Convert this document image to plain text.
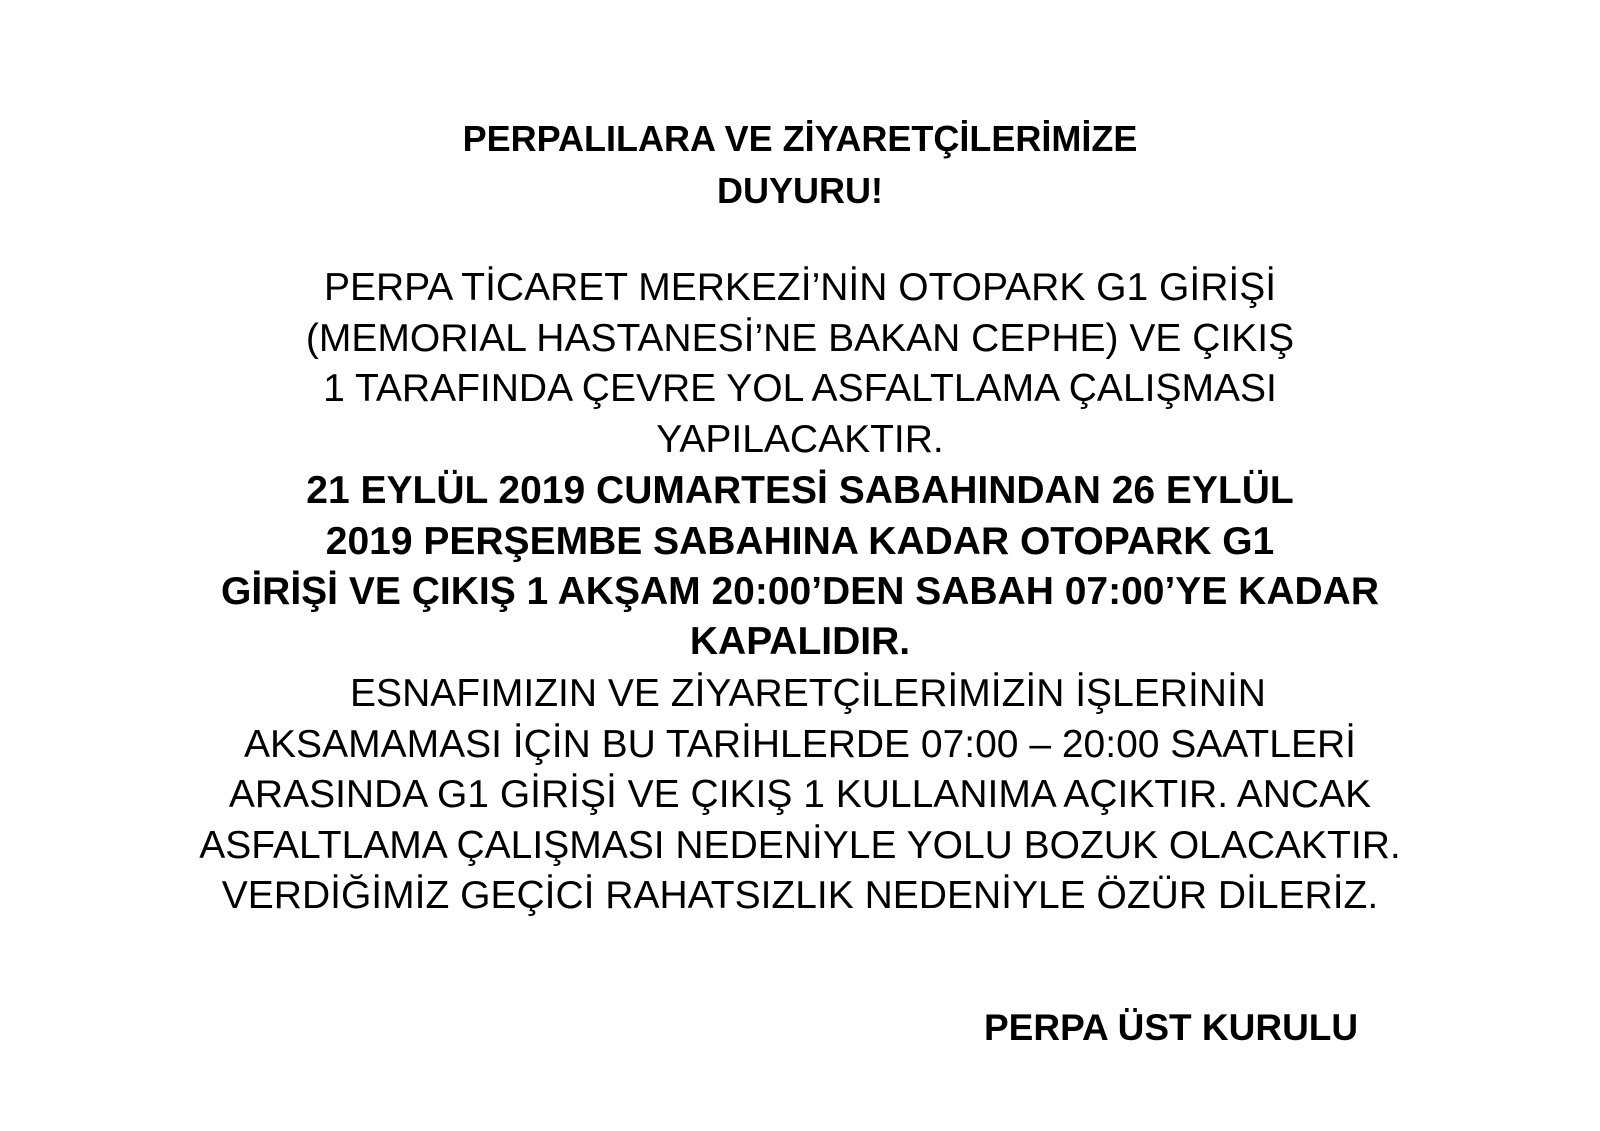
PERPALILARA VE ZİYARETÇİLERİMİZE
DUYURU!
PERPA TİCARET MERKEZİ’NİN OTOPARK G1 GİRİŞİ
(MEMORIAL HASTANESİ’NE BAKAN CEPHE) VE ÇIKIŞ
1 TARAFINDA ÇEVRE YOL ASFALTLAMA ÇALIŞMASI
YAPILACAKTIR.
21 EYLÜL 2019 CUMARTESİ SABAHINDAN 26 EYLÜL
2019 PERŞEMBE SABAHINA KADAR OTOPARK G1
GİRİŞİ VE ÇIKIŞ 1 AKŞAM 20:00’DEN SABAH 07:00’YE KADAR
KAPALIDIR.
ESNAFIMIZIN VE ZİYARETÇİLERİMİZİN İŞLERİNİN
AKSAMAMASI İÇİN BU TARİHLERDE 07:00 – 20:00 SAATLERİ
ARASINDA G1 GİRİŞİ VE ÇIKIŞ 1 KULLANIMA AÇIKTIR. ANCAK
ASFALTLAMA ÇALIŞMASI NEDENİYLE YOLU BOZUK OLACAKTIR.
VERDİĞİMİZ GEÇİCİ RAHATSIZLIK NEDENİYLE ÖZÜR DİLERİZ.
PERPA ÜST KURULU
